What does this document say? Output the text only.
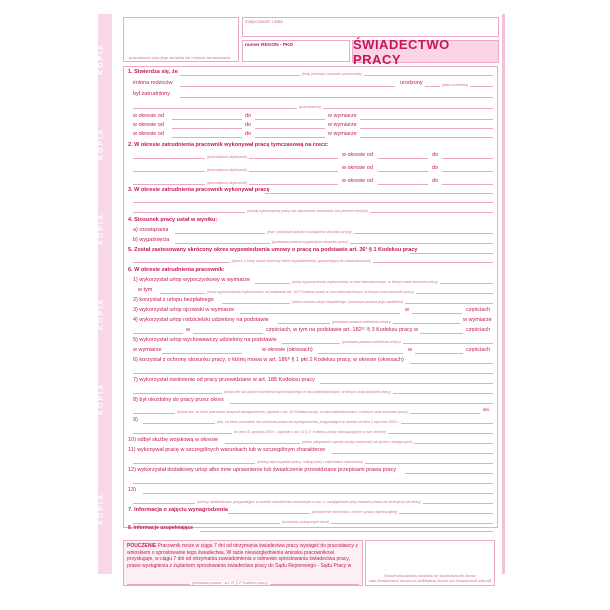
KOPIA
KOPIA
KOPIA
KOPIA
KOPIA
KOPIA
pracodawca oraz jego siedziba lub miejsce zamieszkania
miejscowość i data
numer REGON - PKD	ŚWIADECTWO PRACY
1. Stwierdza się, że	(imię (imiona) i nazwisko pracownika)
imiona rodziców	urodzony	(data urodzenia)
był zatrudniony
(pracodawca)
w okresie od	do	w wymiarze
w okresie od	do	w wymiarze
w okresie od	do	w wymiarze
2. W okresie zatrudnienia pracownik wykonywał pracę tymczasową na rzecz:
(pracodawca użytkownik)	w okresie od	do
(pracodawca użytkownik)	w okresie od	do
(pracodawca użytkownik)	w okresie od	do
3. W okresie zatrudnienia pracownik wykonywał pracę
(rodzaj wykonywanej pracy lub zajmowane stanowisko lub pełnione funkcje)
4. Stosunek pracy ustał w wyniku:
a) rozwiązania	(tryb i podstawa prawna rozwiązania stosunku pracy)
b) wygaśnięcia	(podstawa prawna wygaśnięcia stosunku pracy)
5. Został zastosowany skrócony okres wypowiedzenia umowy o pracę na podstawie art. 36¹ § 1 Kodeksu pracy
(okres, o który został skrócony okres wypowiedzenia, uprawniający do odszkodowania)
6. W okresie zatrudnienia pracownik:
1) wykorzystał urlop wypoczynkowy w wymiarze	(urlop wypoczynkowy wykorzystany w roku kalendarzowym, w którym ustał stosunek pracy)
w tym	(urlop wypoczynkowy wykorzystany na podstawie art. 167² Kodeksu pracy w roku kalendarzowym, w którym ustał stosunek pracy)
2) korzystał z urlopu bezpłatnego	(okres trwania urlopu bezpłatnego i podstawa prawna jego udzielenia)
3) wykorzystał urlop ojcowski w wymiarze	w	częściach
4) wykorzystał urlop rodzicielski udzielony na podstawie	(podstawa prawna udzielenia urlopu)	w wymiarze
w	częściach, w tym na podstawie art. 182¹ᶜ § 3 Kodeksu pracy w	częściach
5) wykorzystał urlop wychowawczy udzielony na podstawie	(podstawa prawna udzielenia urlopu)
w wymiarze	w okresie (okresach)	w	częściach
6) korzystał z ochrony stosunku pracy, o której mowa w art. 186⁸ § 1 pkt 2 Kodeksu pracy, w okresie (okresach)
7) wykorzystał zwolnienie od pracy przewidziane w art. 188 Kodeksu pracy
(liczba dni lub godzin zwolnienia wykorzystanego w roku kalendarzowym, w którym ustał stosunek pracy)
8) był niezdolny do pracy przez okres
(liczba dni, za które pracownik otrzymał wynagrodzenie, zgodnie z art. 92 Kodeksu pracy, w roku kalendarzowym, w którym ustał stosunek pracy)	dni
9)	(dni, za które pracownik nie zachował prawa do wynagrodzenia, przypadające w okresie od dnia 1 stycznia 2003 r.
do dnia 31 grudnia 2003 r., zgodnie z art. 92 § 1¹ Kodeksu pracy obowiązującym w tym okresie)
10) odbył służbę wojskową w okresie	(okres odbywania czynnej służby wojskowej lub jej form zastępczych)
11) wykonywał pracę w szczególnych warunkach lub w szczególnym charakterze
(okresy wykonywania pracy, rodzaj pracy i zajmowane stanowisko)
12) wykorzystał dodatkowy urlop albo inne uprawnienie lub świadczenie przewidziane przepisami prawa pracy
13)
(okresy nieskładkowe, przypadające w okresie zatrudnienia wskazanym w ust. 1, uwzględniane przy ustalaniu prawa do emerytury lub renty)
7. Informacja o zajęciu wynagrodzenia	(oznaczenie komornika i numer sprawy egzekucyjnej)
(wysokość potrąconych kwot)
8. Informacje uzupełniające
POUCZENIE Pracownik może w ciągu 7 dni od otrzymania świadectwa pracy wystąpić do pracodawcy z wnioskiem o sprostowanie tego świadectwa. W razie nieuwzględnienia wniosku pracownikowi przysługuje, w ciągu 7 dni od otrzymania zawiadomienia o odmowie sprostowania świadectwa pracy, prawo wystąpienia z żądaniem sprostowania świadectwa pracy do Sądu Rejonowego - Sądu Pracy w
(podstawa prawna - art. 97 § 2¹ Kodeksu pracy)	(podpis pracodawcy lub osoby działającej w imieniu pracodawcy albo osoby upoważnionej do wydania świadectwa pracy)
